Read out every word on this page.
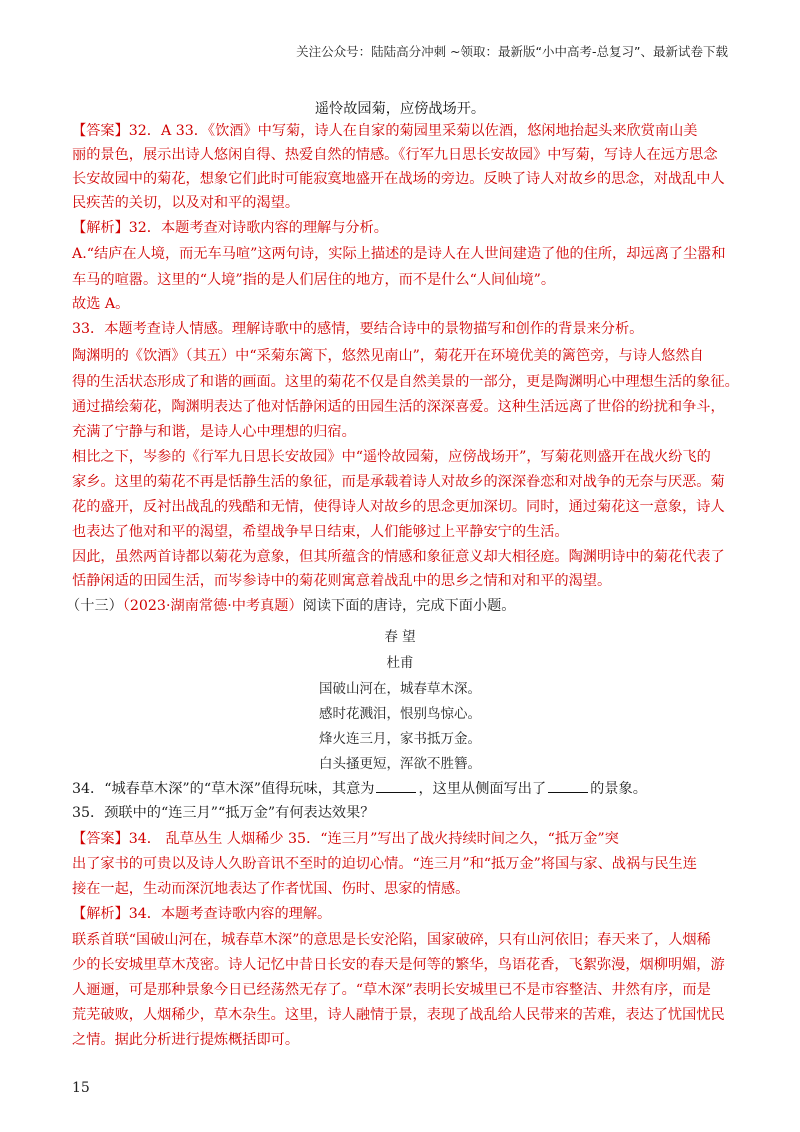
关注公众号：陆陆高分冲刺 ~领取：最新版“小中高考-总复习”、最新试卷下载
遥怜故园菊，应傍战场开。
【答案】32．A 33．《饮酒》中写菊，诗人在自家的菊园里采菊以佐酒，悠闲地抬起头来欣赏南山美
丽的景色，展示出诗人悠闲自得、热爱自然的情感。《行军九日思长安故园》中写菊，写诗人在远方思念
长安故园中的菊花，想象它们此时可能寂寞地盛开在战场的旁边。反映了诗人对故乡的思念，对战乱中人
民疾苦的关切，以及对和平的渴望。
【解析】32．本题考查对诗歌内容的理解与分析。
A.“结庐在人境，而无车马喧”这两句诗，实际上描述的是诗人在人世间建造了他的住所，却远离了尘嚣和
车马的喧嚣。这里的“人境”指的是人们居住的地方，而不是什么“人间仙境”。
故选 A。
33．本题考查诗人情感。理解诗歌中的感情，要结合诗中的景物描写和创作的背景来分析。
陶渊明的《饮酒》（其五）中“采菊东篱下，悠然见南山”，菊花开在环境优美的篱笆旁，与诗人悠然自
得的生活状态形成了和谐的画面。这里的菊花不仅是自然美景的一部分，更是陶渊明心中理想生活的象征。
通过描绘菊花，陶渊明表达了他对恬静闲适的田园生活的深深喜爱。这种生活远离了世俗的纷扰和争斗，
充满了宁静与和谐，是诗人心中理想的归宿。
相比之下，岑参的《行军九日思长安故园》中“遥怜故园菊，应傍战场开”，写菊花则盛开在战火纷飞的
家乡。这里的菊花不再是恬静生活的象征，而是承载着诗人对故乡的深深眷恋和对战争的无奈与厌恶。菊
花的盛开，反衬出战乱的残酷和无情，使得诗人对故乡的思念更加深切。同时，通过菊花这一意象，诗人
也表达了他对和平的渴望，希望战争早日结束，人们能够过上平静安宁的生活。
因此，虽然两首诗都以菊花为意象，但其所蕴含的情感和象征意义却大相径庭。陶渊明诗中的菊花代表了
恬静闲适的田园生活，而岑参诗中的菊花则寓意着战乱中的思乡之情和对和平的渴望。
（十三）（2023·湖南常德·中考真题）阅读下面的唐诗，完成下面小题。
春 望
杜甫
国破山河在，城春草木深。
感时花溅泪，恨别鸟惊心。
烽火连三月，家书抵万金。
白头搔更短，浑欲不胜簪。
34．“城春草木深”的“草木深”值得玩味，其意为	，这里从侧面写出了	的景象。
35．颈联中的“连三月”“抵万金”有何表达效果？
【答案】34． 乱草丛生 人烟稀少 35．“连三月”写出了战火持续时间之久，“抵万金”突
出了家书的可贵以及诗人久盼音讯不至时的迫切心情。“连三月”和“抵万金”将国与家、战祸与民生连
接在一起，生动而深沉地表达了作者忧国、伤时、思家的情感。
【解析】34．本题考查诗歌内容的理解。
联系首联“国破山河在，城春草木深”的意思是长安沦陷，国家破碎，只有山河依旧；春天来了，人烟稀
少的长安城里草木茂密。诗人记忆中昔日长安的春天是何等的繁华，鸟语花香，飞絮弥漫，烟柳明媚，游
人逦逦，可是那种景象今日已经荡然无存了。“草木深”表明长安城里已不是市容整洁、井然有序，而是
荒芜破败，人烟稀少，草木杂生。这里，诗人融情于景，表现了战乱给人民带来的苦难，表达了忧国忧民
之情。据此分析进行提炼概括即可。
15
